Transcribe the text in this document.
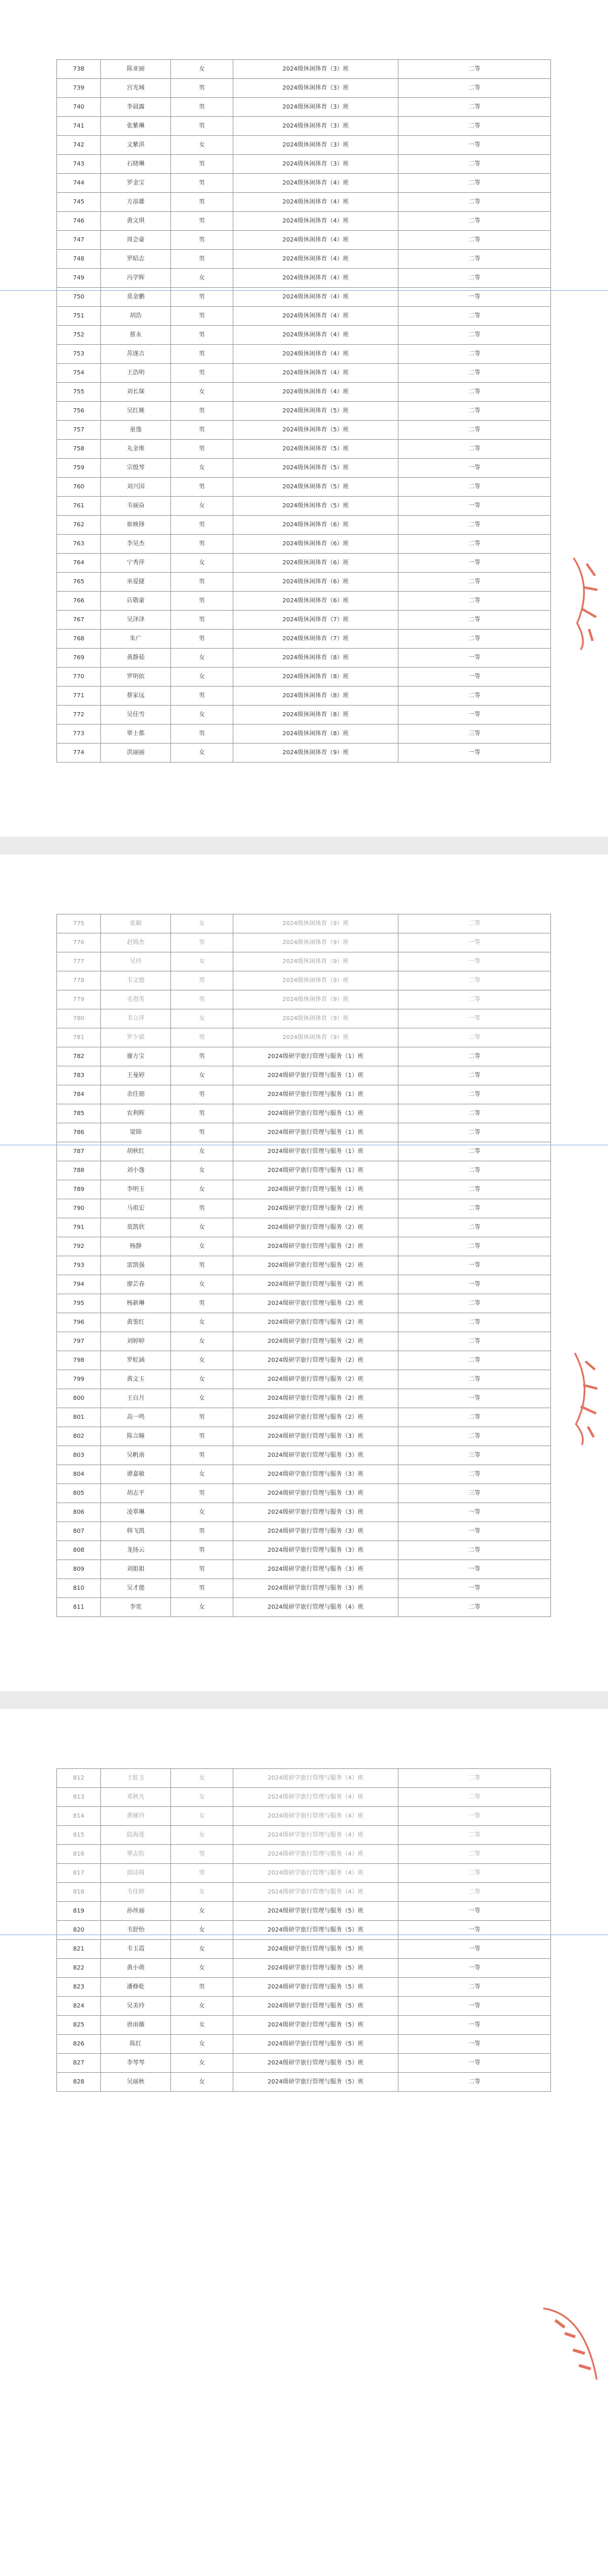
738	陈亚丽	女	2024级休闲体育（3）班	二等
739	宫光城	男	2024级休闲体育（3）班	二等
740	李晨露	男	2024级休闲体育（3）班	二等
741	张紫琳	男	2024级休闲体育（3）班	二等
742	文紫淇	女	2024级休闲体育（3）班	一等
743	石晓琳	男	2024级休闲体育（3）班	二等
744	罗金宝	男	2024级休闲体育（4）班	二等
745	方添雄	男	2024级休闲体育（4）班	二等
746	黄文琪	男	2024级休闲体育（4）班	二等
747	周会豪	男	2024级休闲体育（4）班	二等
748	罗昭志	男	2024级休闲体育（4）班	二等
749	冯学辉	女	2024级休闲体育（4）班	二等
750	莫金鹏	男	2024级休闲体育（4）班	一等
751	胡浩	男	2024级休闲体育（4）班	二等
752	蔡永	男	2024级休闲体育（4）班	二等
753	苏遂吉	男	2024级休闲体育（4）班	二等
754	王浩明	男	2024级休闲体育（4）班	二等
755	刘长琛	女	2024级休闲体育（4）班	二等
756	吴红姚	男	2024级休闲体育（5）班	二等
757	童逸	男	2024级休闲体育（5）班	二等
758	丸金堆	男	2024级休闲体育（5）班	二等
759	宗殷琴	女	2024级休闲体育（5）班	一等
760	刘兴国	男	2024级休闲体育（5）班	二等
761	韦丽奋	女	2024级休闲体育（5）班	一等
762	崔映锋	男	2024级休闲体育（6）班	二等
763	李昊杰	男	2024级休闲体育（6）班	二等
764	宁秀萍	女	2024级休闲体育（6）班	一等
765	巫爱捷	男	2024级休闲体育（6）班	二等
766	店敬豪	男	2024级休闲体育（6）班	二等
767	吴泽泽	男	2024级休闲体育（7）班	二等
768	朱广	男	2024级休闲体育（7）班	二等
769	黄静茹	女	2024级休闲体育（8）班	一等
770	罗明依	女	2024级休闲体育（8）班	一等
771	蔡家远	男	2024级休闲体育（8）班	二等
772	吴佳雪	女	2024级休闲体育（8）班	一等
773	覃士都	男	2024级休闲体育（8）班	三等
774	洪丽丽	女	2024级休闲体育（9）班	一等
775	张颖	女	2024级休闲体育（9）班	二等
776	赵锦杰	男	2024级休闲体育（9）班	一等
777	吴玲	女	2024级休闲体育（9）班	一等
778	韦文德	男	2024级休闲体育（9）班	二等
779	毛澄英	男	2024级休闲体育（9）班	二等
780	韦立萍	女	2024级休闲体育（9）班	一等
781	罗少斌	男	2024级休闲体育（9）班	二等
782	谢方宝	男	2024级研学旅行管理与服务（1）班	二等
783	王曼婷	女	2024级研学旅行管理与服务（1）班	二等
784	余任朋	男	2024级研学旅行管理与服务（1）班	二等
785	农利辉	男	2024级研学旅行管理与服务（1）班	二等
786	梁锦	男	2024级研学旅行管理与服务（1）班	二等
787	胡秋红	女	2024级研学旅行管理与服务（1）班	二等
788	刘小逸	女	2024级研学旅行管理与服务（1）班	二等
789	李明玉	女	2024级研学旅行管理与服务（1）班	二等
790	马祖宏	男	2024级研学旅行管理与服务（2）班	二等
791	莫凯欣	女	2024级研学旅行管理与服务（2）班	二等
792	杨静	女	2024级研学旅行管理与服务（2）班	二等
793	雷凯强	男	2024级研学旅行管理与服务（2）班	一等
794	廖芸春	女	2024级研学旅行管理与服务（2）班	一等
795	杨新琳	男	2024级研学旅行管理与服务（2）班	二等
796	黄鉴红	女	2024级研学旅行管理与服务（2）班	二等
797	刘婷婷	女	2024级研学旅行管理与服务（2）班	二等
798	罗虹涵	女	2024级研学旅行管理与服务（2）班	二等
799	黄文玉	女	2024级研学旅行管理与服务（2）班	二等
800	王自月	女	2024级研学旅行管理与服务（2）班	一等
801	高一鸣	男	2024级研学旅行管理与服务（2）班	二等
802	陈言瞳	男	2024级研学旅行管理与服务（3）班	二等
803	吴帆南	男	2024级研学旅行管理与服务（3）班	三等
804	谭嘉敏	女	2024级研学旅行管理与服务（3）班	二等
805	胡志平	男	2024级研学旅行管理与服务（3）班	三等
806	凌翠琳	女	2024级研学旅行管理与服务（3）班	一等
807	韩飞凯	男	2024级研学旅行管理与服务（3）班	一等
808	龙扬云	男	2024级研学旅行管理与服务（3）班	二等
809	刘姐姐	男	2024级研学旅行管理与服务（3）班	一等
810	吴才德	男	2024级研学旅行管理与服务（3）班	一等
811	李宽	女	2024级研学旅行管理与服务（4）班	二等
812	王虹玉	女	2024级研学旅行管理与服务（4）班	二等
813	邓秋凡	女	2024级研学旅行管理与服务（4）班	二等
814	黄娅玲	女	2024级研学旅行管理与服务（4）班	一等
815	陆海莲	女	2024级研学旅行管理与服务（4）班	二等
816	覃志钦	男	2024级研学旅行管理与服务（4）班	二等
817	邱诗琦	男	2024级研学旅行管理与服务（4）班	二等
818	韦佳婷	女	2024级研学旅行管理与服务（4）班	二等
819	孙丝丽	女	2024级研学旅行管理与服务（5）班	一等
820	韦舒怡	女	2024级研学旅行管理与服务（5）班	一等
821	韦玉霞	女	2024级研学旅行管理与服务（5）班	一等
822	黄小萌	女	2024级研学旅行管理与服务（5）班	一等
823	潘修乾	男	2024级研学旅行管理与服务（5）班	二等
824	吴美玲	女	2024级研学旅行管理与服务（5）班	一等
825	唐雨薇	女	2024级研学旅行管理与服务（5）班	一等
826	陈红	女	2024级研学旅行管理与服务（5）班	一等
827	李琴琴	女	2024级研学旅行管理与服务（5）班	一等
828	吴丽秋	女	2024级研学旅行管理与服务（5）班	二等
